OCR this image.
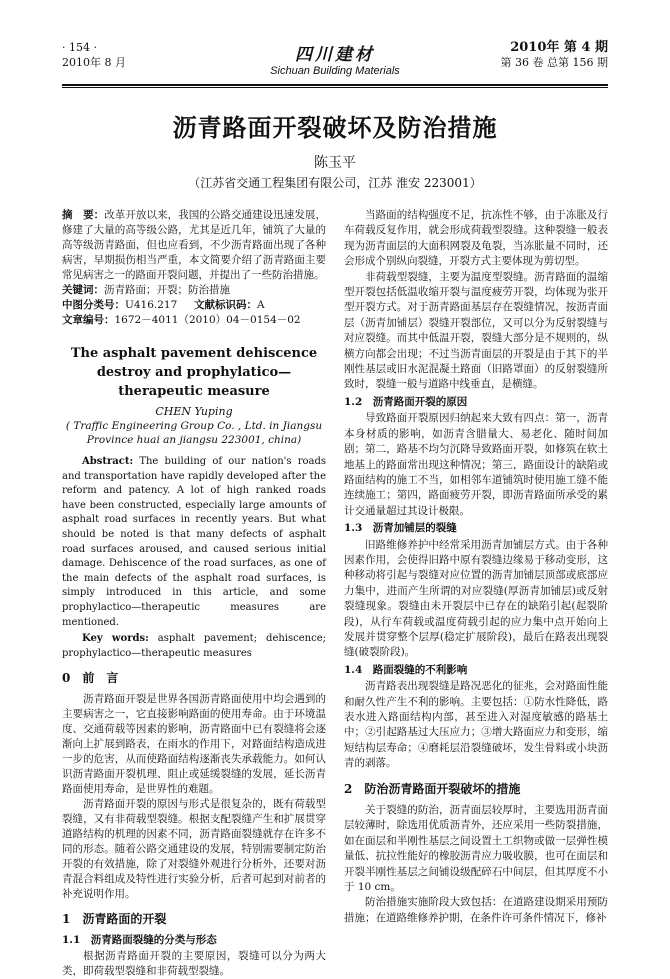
· 154 ·
2010年 8 月	四川建材
Sichuan Building Materials
2010年 第 4 期
第 36 卷 总第 156 期
沥青路面开裂破坏及防治措施
陈玉平
（江苏省交通工程集团有限公司，江苏 淮安 223001）

摘　要：改革开放以来，我国的公路交通建设迅速发展，修建了大量的高等级公路，尤其是近几年，铺筑了大量的高等级沥青路面，但也应看到，不少沥青路面出现了各种病害，早期损伤相当严重，本文简要介绍了沥青路面主要常见病害之一的路面开裂问题，并提出了一些防治措施。

关键词：沥青路面；开裂；防治措施
中图分类号：U416.217 文献标识码：A
文章编号：1672－4011（2010）04－0154－02
The asphalt pavement dehiscence destroy and prophylatico—therapeutic measure
CHEN Yuping
( Traffic Engineering Group Co. , Ltd. in Jiangsu Province huai an jiangsu 223001, china)

Abstract: The building of our nation's roads and transportation have rapidly developed after the reform and patency. A lot of high ranked roads have been constructed, especially large amounts of asphalt road surfaces in recently years. But what should be noted is that many defects of asphalt road surfaces aroused, and caused serious initial damage. Dehiscence of the road surfaces, as one of the main defects of the asphalt road surfaces, is simply introduced in this article, and some prophylactico—therapeutic measures are mentioned.

Key words: asphalt pavement; dehiscence; prophylactico—therapeutic measures

0　前　言

沥青路面开裂是世界各国沥青路面使用中均会遇到的主要病害之一，它直接影响路面的使用寿命。由于环境温度、交通荷载等因素的影响，沥青路面中已有裂缝将会逐渐向上扩展到路表，在雨水的作用下，对路面结构造成进一步的危害，从而使路面结构逐渐丧失承载能力。如何认识沥青路面开裂机理、阻止或延缓裂缝的发展，延长沥青路面使用寿命，是世界性的难题。

沥青路面开裂的原因与形式是很复杂的，既有荷载型裂缝，又有非荷载型裂缝。根据支配裂缝产生和扩展贯穿道路结构的机理的因素不同，沥青路面裂缝就存在许多不同的形态。随着公路交通建设的发展，特别需要制定防治开裂的有效措施，除了对裂缝外观进行分析外，还要对沥青混合料组成及特性进行实验分析，后者可起到对前者的补充说明作用。

1　沥青路面的开裂
1.1　沥青路面裂缝的分类与形态

根据沥青路面开裂的主要原因，裂缝可以分为两大类，即荷载型裂缝和非荷载型裂缝。

当路面的结构强度不足，抗冻性不够，由于冻胀及行车荷载反复作用，就会形成荷载型裂缝。这种裂缝一般表现为沥青面层的大面积网裂及龟裂，当冻胀量不同时，还会形成个别纵向裂缝，开裂方式主要体现为剪切型。

非荷载型裂缝，主要为温度型裂缝。沥青路面的温缩型开裂包括低温收缩开裂与温度疲劳开裂，均体现为张开型开裂方式。对于沥青路面基层存在裂缝情况，按沥青面层（沥青加铺层）裂缝开裂部位，又可以分为反射裂缝与对应裂缝。而其中低温开裂，裂缝大部分是不规则的，纵横方向都会出现；不过当沥青面层的开裂是由于其下的半刚性基层或旧水泥混凝土路面（旧路罩面）的反射裂缝所致时，裂缝一般与道路中线垂直，是横缝。

1.2　沥青路面开裂的原因

导致路面开裂原因归纳起来大致有四点：第一，沥青本身材质的影响，如沥青含腊量大、易老化、随时间加剧；第二，路基不均匀沉降导致路面开裂，如修筑在软土地基上的路面常出现这种情况；第三，路面设计的缺陷或路面结构的施工不当，如相邻车道铺筑时使用施工缝不能连续施工；第四，路面疲劳开裂，即沥青路面所承受的累计交通量超过其设计极限。

1.3　沥青加铺层的裂缝

旧路维修养护中经常采用沥青加铺层方式。由于各种因素作用，会使得旧路中原有裂缝边缘易于移动变形，这种移动将引起与裂缝对应位置的沥青加铺层顶部或底部应力集中，进而产生所谓的对应裂缝(厚沥青加铺层)或反射裂缝现象。裂缝由未开裂层中已存在的缺陷引起(起裂阶段)，从行车荷载或温度荷载引起的应力集中点开始向上发展并贯穿整个层厚(稳定扩展阶段)，最后在路表出现裂缝(破裂阶段)。

1.4　路面裂缝的不利影响

沥青路表出现裂缝是路况恶化的征兆，会对路面性能和耐久性产生不利的影响。主要包括：①防水性降低，路表水进入路面结构内部，甚至进入对湿度敏感的路基土中；②引起路基过大压应力；③增大路面应力和变形，缩短结构层寿命；④磨耗层沿裂缝破坏，发生骨料或小块沥青的剥落。

2　防治沥青路面开裂破坏的措施

关于裂缝的防治，沥青面层较厚时，主要选用沥青面层较薄时，除选用优质沥青外，还应采用一些防裂措施，如在面层和半刚性基层之间设置土工织物或做一层弹性模量低、抗拉性能好的橡胶沥青应力吸收膜，也可在面层和开裂半刚性基层之间铺设级配碎石中间层，但其厚度不小于 10 cm。

防治措施实施阶段大致包括：在道路建设期采用预防措施；在道路维修养护期，在条件许可条件情况下，修补
